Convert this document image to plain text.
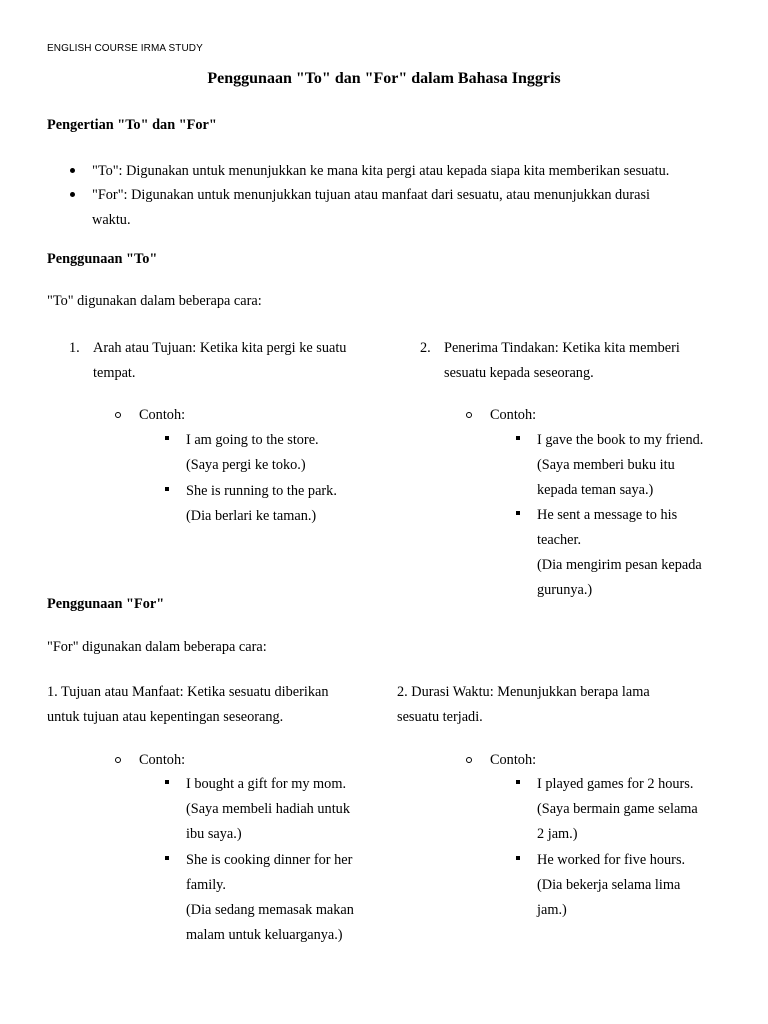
ENGLISH COURSE IRMA STUDY
Penggunaan "To" dan "For" dalam Bahasa Inggris
Pengertian "To" dan "For"
"To": Digunakan untuk menunjukkan ke mana kita pergi atau kepada siapa kita memberikan sesuatu.
"For": Digunakan untuk menunjukkan tujuan atau manfaat dari sesuatu, atau menunjukkan durasi
waktu.
Penggunaan "To"
"To" digunakan dalam beberapa cara:
1. Arah atau Tujuan: Ketika kita pergi ke suatu
tempat.
Contoh:
I am going to the store.
(Saya pergi ke toko.)
She is running to the park.
(Dia berlari ke taman.)
2. Penerima Tindakan: Ketika kita memberi
sesuatu kepada seseorang.
Contoh:
I gave the book to my friend.
(Saya memberi buku itu
kepada teman saya.)
He sent a message to his
teacher.
(Dia mengirim pesan kepada
gurunya.)
Penggunaan "For"
"For" digunakan dalam beberapa cara:
1. Tujuan atau Manfaat: Ketika sesuatu diberikan
untuk tujuan atau kepentingan seseorang.
Contoh:
I bought a gift for my mom.
(Saya membeli hadiah untuk
ibu saya.)
She is cooking dinner for her
family.
(Dia sedang memasak makan
malam untuk keluarganya.)
2. Durasi Waktu: Menunjukkan berapa lama
sesuatu terjadi.
Contoh:
I played games for 2 hours.
(Saya bermain game selama
2 jam.)
He worked for five hours.
(Dia bekerja selama lima
jam.)
